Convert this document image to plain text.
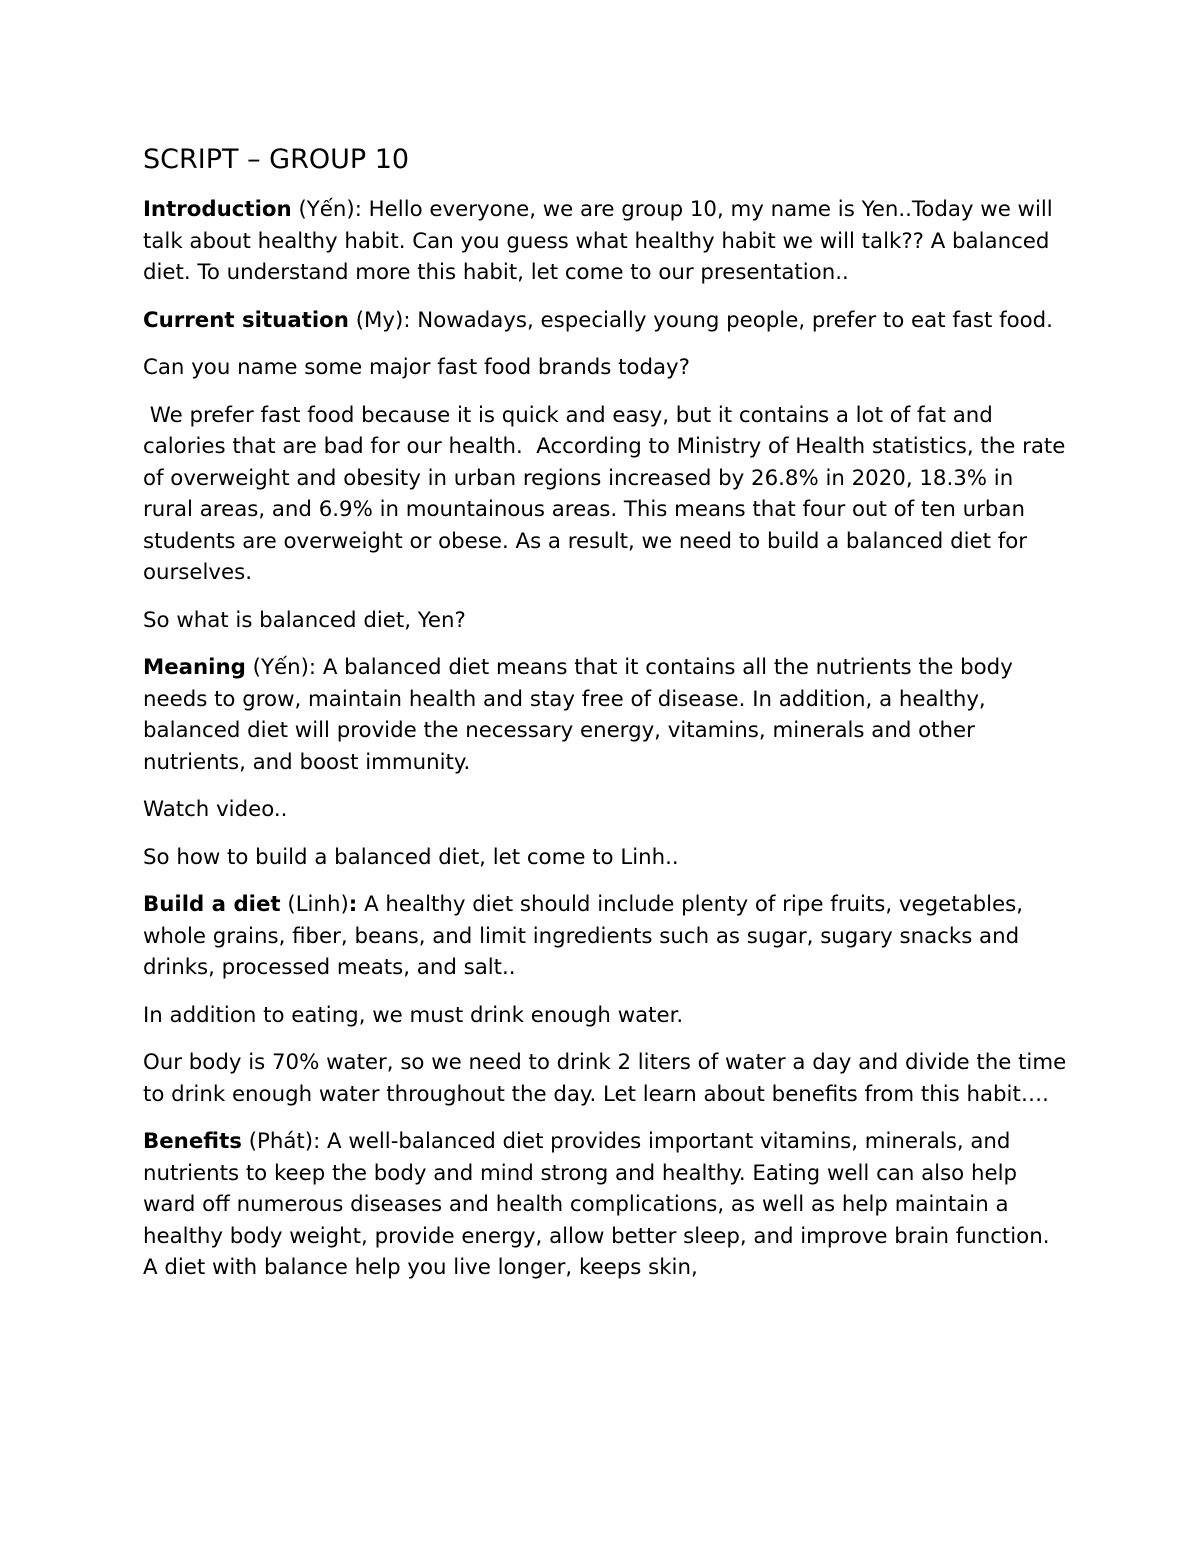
SCRIPT – GROUP 10

Introduction (Yến): Hello everyone, we are group 10, my name is Yen..Today we will talk about healthy habit. Can you guess what healthy habit we will talk?? A balanced diet. To understand more this habit, let come to our presentation..

Current situation (My): Nowadays, especially young people, prefer to eat fast food.

Can you name some major fast food brands today?

We prefer fast food because it is quick and easy, but it contains a lot of fat and calories that are bad for our health.  According to Ministry of Health statistics, the rate of overweight and obesity in urban regions increased by 26.8% in 2020, 18.3% in rural areas, and 6.9% in mountainous areas. This means that four out of ten urban students are overweight or obese. As a result, we need to build a balanced diet for ourselves.

So what is balanced diet, Yen?

Meaning (Yến): A balanced diet means that it contains all the nutrients the body needs to grow, maintain health and stay free of disease. In addition, a healthy, balanced diet will provide the necessary energy, vitamins, minerals and other nutrients, and boost immunity.

Watch video..

So how to build a balanced diet, let come to Linh..

Build a diet (Linh): A healthy diet should include plenty of ripe fruits, vegetables, whole grains, fiber, beans, and limit ingredients such as sugar, sugary snacks and drinks, processed meats, and salt..

In addition to eating, we must drink enough water.

Our body is 70% water, so we need to drink 2 liters of water a day and divide the time to drink enough water throughout the day. Let learn about benefits from this habit….

Benefits (Phát): A well-balanced diet provides important vitamins, minerals, and nutrients to keep the body and mind strong and healthy. Eating well can also help ward off numerous diseases and health complications, as well as help maintain a healthy body weight, provide energy, allow better sleep, and improve brain function.  A diet with balance help you live longer, keeps skin,
